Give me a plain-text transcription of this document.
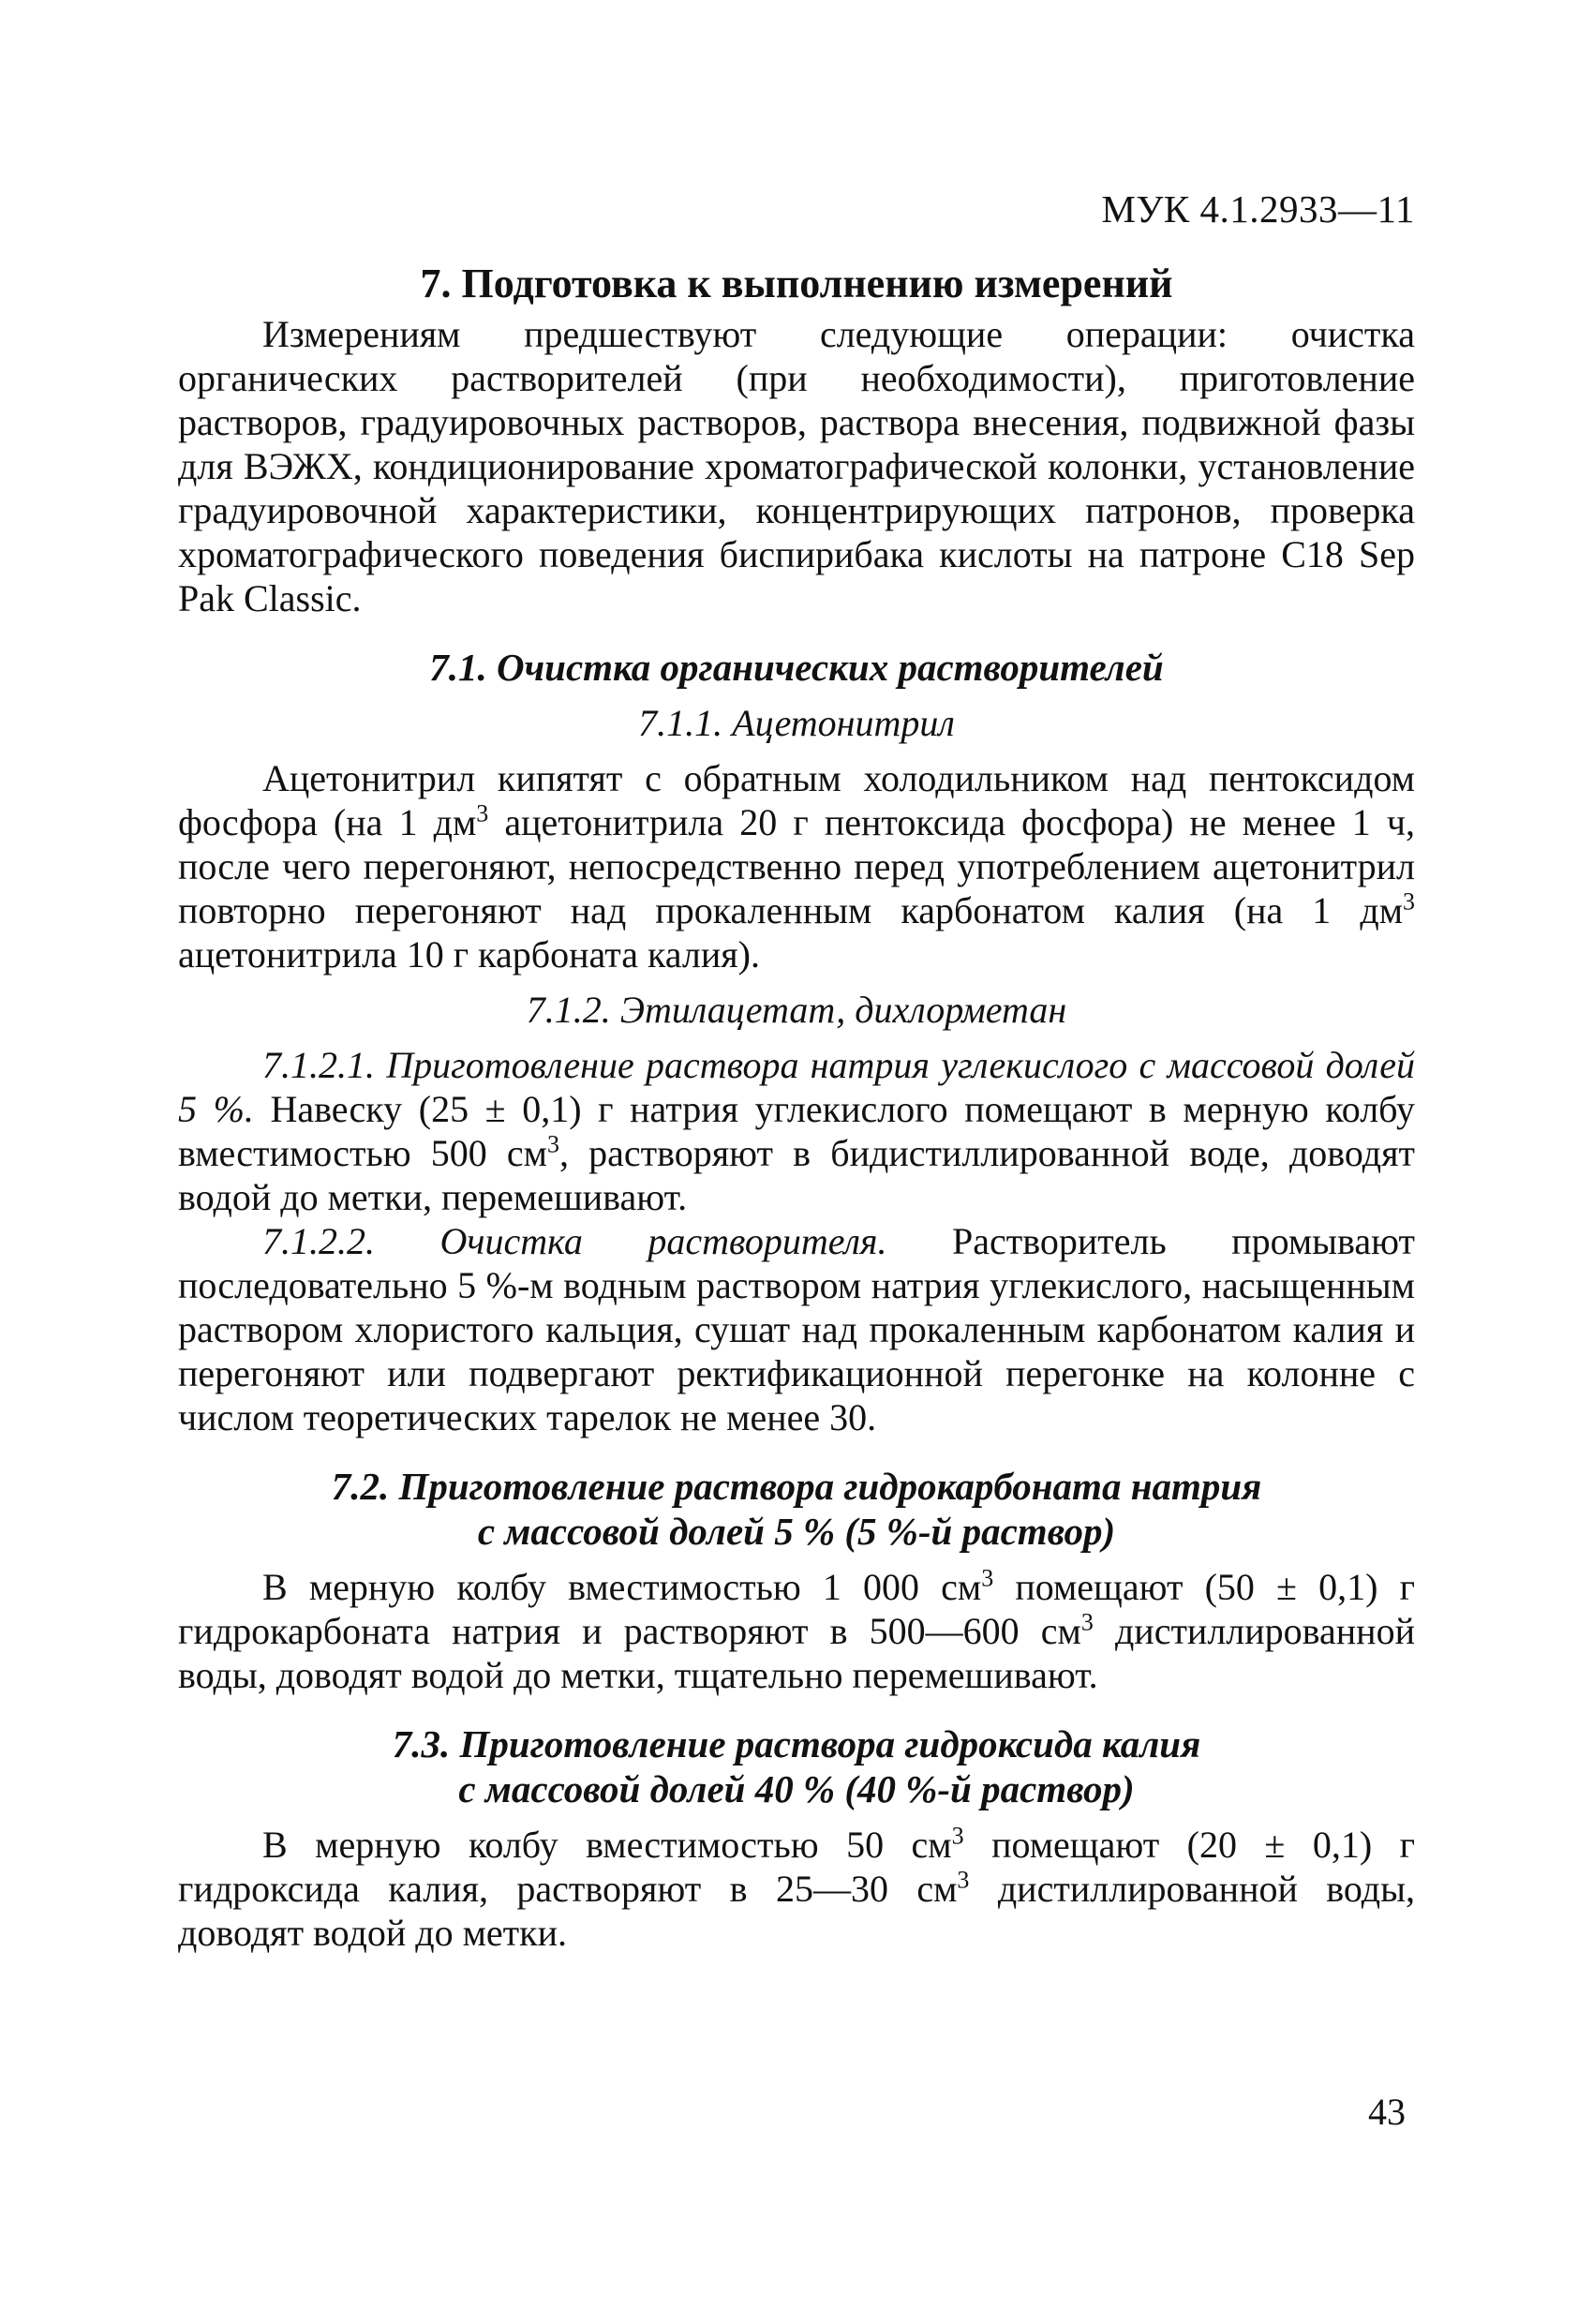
МУК 4.1.2933—11
7. Подготовка к выполнению измерений

Измерениям предшествуют следующие операции: очистка органических растворителей (при необходимости), приготовление растворов, градуировочных растворов, раствора внесения, подвижной фазы для ВЭЖХ, кондиционирование хроматографической колонки, установление градуировочной характеристики, концентрирующих патронов, проверка хроматографического поведения биспирибака кислоты на патроне С18 Sep Pak Classic.

7.1. Очистка органических растворителей
7.1.1. Ацетонитрил

Ацетонитрил кипятят с обратным холодильником над пентоксидом фосфора (на 1 $дм^3$ ацетонитрила 20 г пентоксида фосфора) не менее 1 ч, после чего перегоняют, непосредственно перед употреблением ацетонитрил повторно перегоняют над прокаленным карбонатом калия (на 1 $дм^3$ ацетонитрила 10 г карбоната калия).

7.1.2. Этилацетат, дихлорметан

7.1.2.1. Приготовление раствора натрия углекислого с массовой долей 5 %. Навеску (25 ± 0,1) г натрия углекислого помещают в мерную колбу вместимостью 500 $см^3$, растворяют в бидистиллированной воде, доводят водой до метки, перемешивают.

7.1.2.2. Очистка растворителя. Растворитель промывают последовательно 5 %-м водным раствором натрия углекислого, насыщенным раствором хлористого кальция, сушат над прокаленным карбонатом калия и перегоняют или подвергают ректификационной перегонке на колонне с числом теоретических тарелок не менее 30.

7.2. Приготовление раствора гидрокарбоната натрия
с массовой долей 5 % (5 %-й раствор)

В мерную колбу вместимостью 1 000 $см^3$ помещают (50 ± 0,1) г гидрокарбоната натрия и растворяют в 500—600 $см^3$ дистиллированной воды, доводят водой до метки, тщательно перемешивают.

7.3. Приготовление раствора гидроксида калия
с массовой долей 40 % (40 %-й раствор)

В мерную колбу вместимостью 50 $см^3$ помещают (20 ± 0,1) г гидроксида калия, растворяют в 25—30 $см^3$ дистиллированной воды, доводят водой до метки.

43
